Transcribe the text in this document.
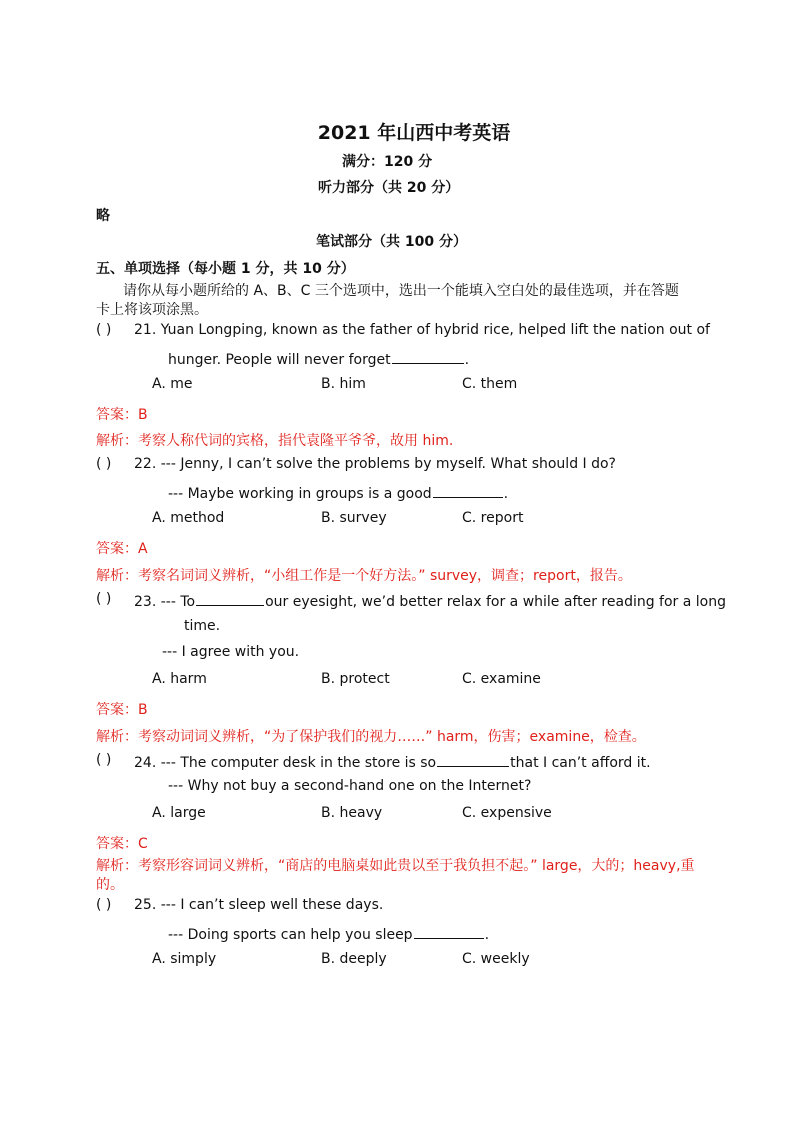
2021 年山西中考英语
满分：120 分
听力部分（共 20 分）
略
笔试部分（共 100 分）
五、单项选择（每小题 1 分，共 10 分）
请你从每小题所给的 A、B、C 三个选项中，选出一个能填入空白处的最佳选项，并在答题
卡上将该项涂黑。
( ) 21. Yuan Longping, known as the father of hybrid rice, helped lift the nation out of
hunger. People will never forget	.
A. me	B. him	C. them
答案：B
解析：考察人称代词的宾格，指代袁隆平爷爷，故用 him.
( ) 22. --- Jenny, I can’t solve the problems by myself. What should I do?
--- Maybe working in groups is a good	.
A. method	B. survey	C. report
答案：A
解析：考察名词词义辨析，“小组工作是一个好方法。” survey，调查；report，报告。
( ) 23. --- To	our eyesight, we’d better relax for a while after reading for a long
time.
--- I agree with you.
A. harm	B. protect	C. examine
答案：B
解析：考察动词词义辨析，“为了保护我们的视力……” harm，伤害；examine，检查。
( ) 24. --- The computer desk in the store is so	that I can’t afford it.
--- Why not buy a second-hand one on the Internet?
A. large	B. heavy	C. expensive
答案：C
解析：考察形容词词义辨析，“商店的电脑桌如此贵以至于我负担不起。” large，大的；heavy,重
的。
( ) 25. --- I can’t sleep well these days.
--- Doing sports can help you sleep	.
A. simply	B. deeply	C. weekly
